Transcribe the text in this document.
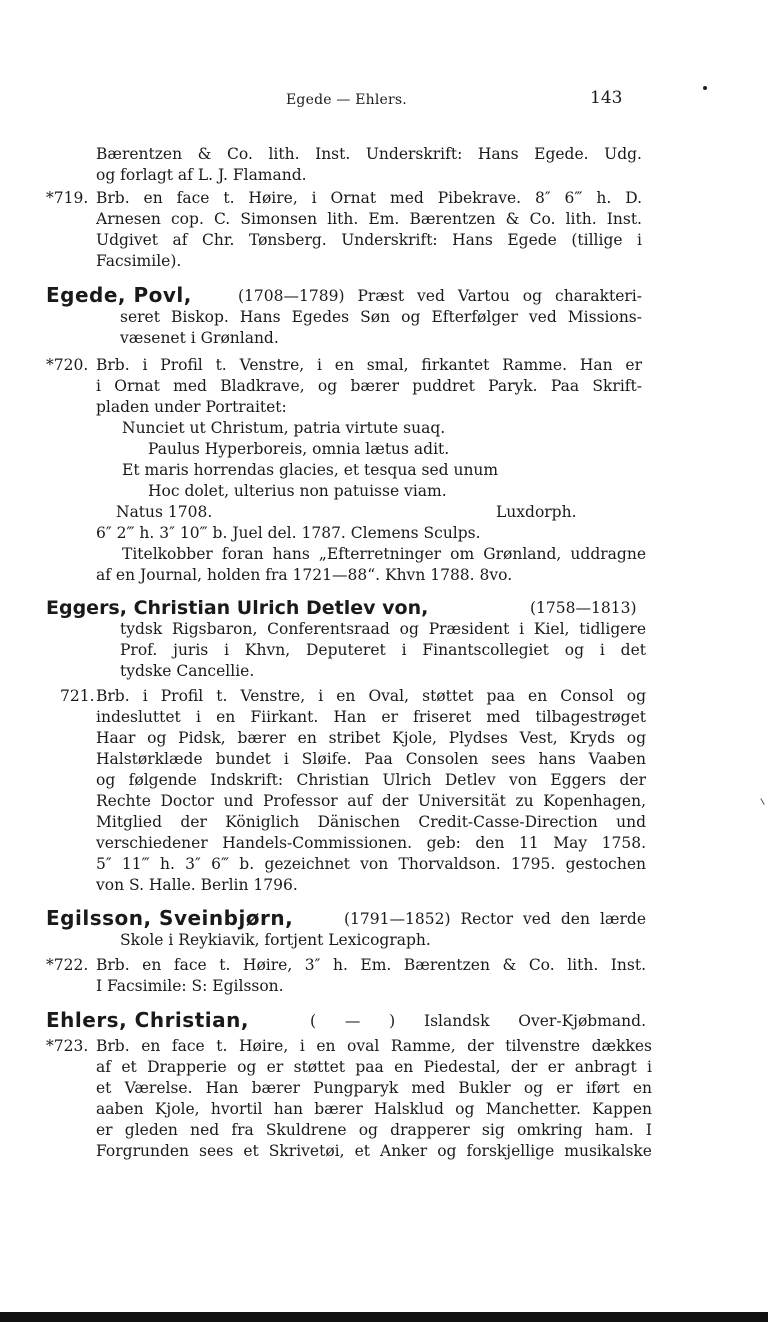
Egede — Ehlers.	143
Bærentzen & Co. lith. Inst. Underskrift: Hans Egede. Udg.
og forlagt af L. J. Flamand.
*719. Brb. en face t. Høire, i Ornat med Pibekrave. 8″ 6‴ h. D.
Arnesen cop. C. Simonsen lith. Em. Bærentzen & Co. lith. Inst.
Udgivet af Chr. Tønsberg. Underskrift: Hans Egede (tillige i
Facsimile).
Egede, Povl,	(1708—1789) Præst ved Vartou og charakteri-
seret Biskop. Hans Egedes Søn og Efterfølger ved Missions-
væsenet i Grønland.
*720. Brb. i Profil t. Venstre, i en smal, firkantet Ramme. Han er
i Ornat med Bladkrave, og bærer puddret Paryk. Paa Skrift-
pladen under Portraitet:
Nunciet ut Christum, patria virtute suaq.
Paulus Hyperboreis, omnia lætus adit.
Et maris horrendas glacies, et tesqua sed unum
Hoc dolet, ulterius non patuisse viam.
Natus 1708.	Luxdorph.
6″ 2‴ h. 3″ 10‴ b. Juel del. 1787. Clemens Sculps.
Titelkobber foran hans „Efterretninger om Grønland, uddragne
af en Journal, holden fra 1721—88“. Khvn 1788. 8vo.
Eggers, Christian Ulrich Detlev von,	(1758—1813)
tydsk Rigsbaron, Conferentsraad og Præsident i Kiel, tidligere
Prof. juris i Khvn, Deputeret i Finantscollegiet og i det
tydske Cancellie.
721. Brb. i Profil t. Venstre, i en Oval, støttet paa en Consol og
indesluttet i en Fiirkant. Han er friseret med tilbagestrøget
Haar og Pidsk, bærer en stribet Kjole, Plydses Vest, Kryds og
Halstørklæde bundet i Sløife. Paa Consolen sees hans Vaaben
og følgende Indskrift: Christian Ulrich Detlev von Eggers der
Rechte Doctor und Professor auf der Universität zu Kopenhagen,
Mitglied der Königlich Dänischen Credit-Casse-Direction und
verschiedener Handels-Commissionen. geb: den 11 May 1758.
5″ 11‴ h. 3″ 6‴ b. gezeichnet von Thorvaldson. 1795. gestochen
von S. Halle. Berlin 1796.
Egilsson, Sveinbjørn,	(1791—1852) Rector ved den lærde
Skole i Reykiavik, fortjent Lexicograph.
*722. Brb. en face t. Høire, 3″ h. Em. Bærentzen & Co. lith. Inst.
I Facsimile: S: Egilsson.
Ehlers, Christian,	( — ) Islandsk Over-Kjøbmand.
*723. Brb. en face t. Høire, i en oval Ramme, der tilvenstre dækkes
af et Drapperie og er støttet paa en Piedestal, der er anbragt i
et Værelse. Han bærer Pungparyk med Bukler og er iført en
aaben Kjole, hvortil han bærer Halsklud og Manchetter. Kappen
er gleden ned fra Skuldrene og drapperer sig omkring ham. I
Forgrunden sees et Skrivetøi, et Anker og forskjellige musikalske
